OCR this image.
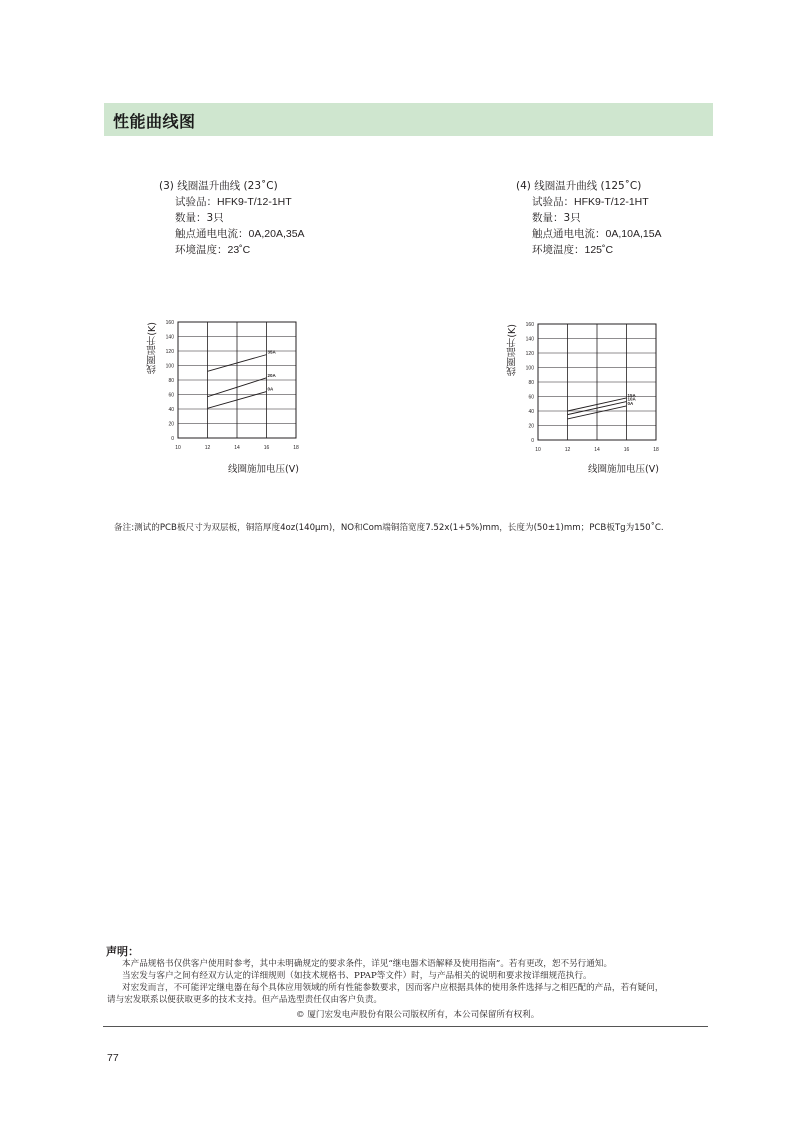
性能曲线图
(3) 线圈温升曲线 (23˚C)
试验品：HFK9-T/12-1HT
数量：3只
触点通电电流：0A,20A,35A
环境温度：23˚C
(4) 线圈温升曲线 (125˚C)
试验品：HFK9-T/12-1HT
数量：3只
触点通电电流：0A,10A,15A
环境温度：125˚C
线圈温升(K)
10	12	14	16	18
0
20
40
60
80
100
120
140
160
35A
20A
0A
线圈施加电压(V)
线圈温升(K)
10	12	14	16	18
0
20
40
60
80
100
120
140
160
15A
10A
0A
线圈施加电压(V)
备注:测试的PCB板尺寸为双层板，铜箔厚度4oz(140μm)，NO和Com端铜箔宽度7.52x(1+5%)mm，长度为(50±1)mm；PCB板Tg为150˚C.
声明：
本产品规格书仅供客户使用时参考，其中未明确规定的要求条件，详见“继电器术语解释及使用指南”。若有更改，恕不另行通知。
当宏发与客户之间有经双方认定的详细规则（如技术规格书、PPAP等文件）时，与产品相关的说明和要求按详细规范执行。
对宏发而言，不可能评定继电器在每个具体应用领域的所有性能参数要求，因而客户应根据具体的使用条件选择与之相匹配的产品，若有疑问，
请与宏发联系以便获取更多的技术支持。但产品选型责任仅由客户负责。
© 厦门宏发电声股份有限公司版权所有，本公司保留所有权利。
77
